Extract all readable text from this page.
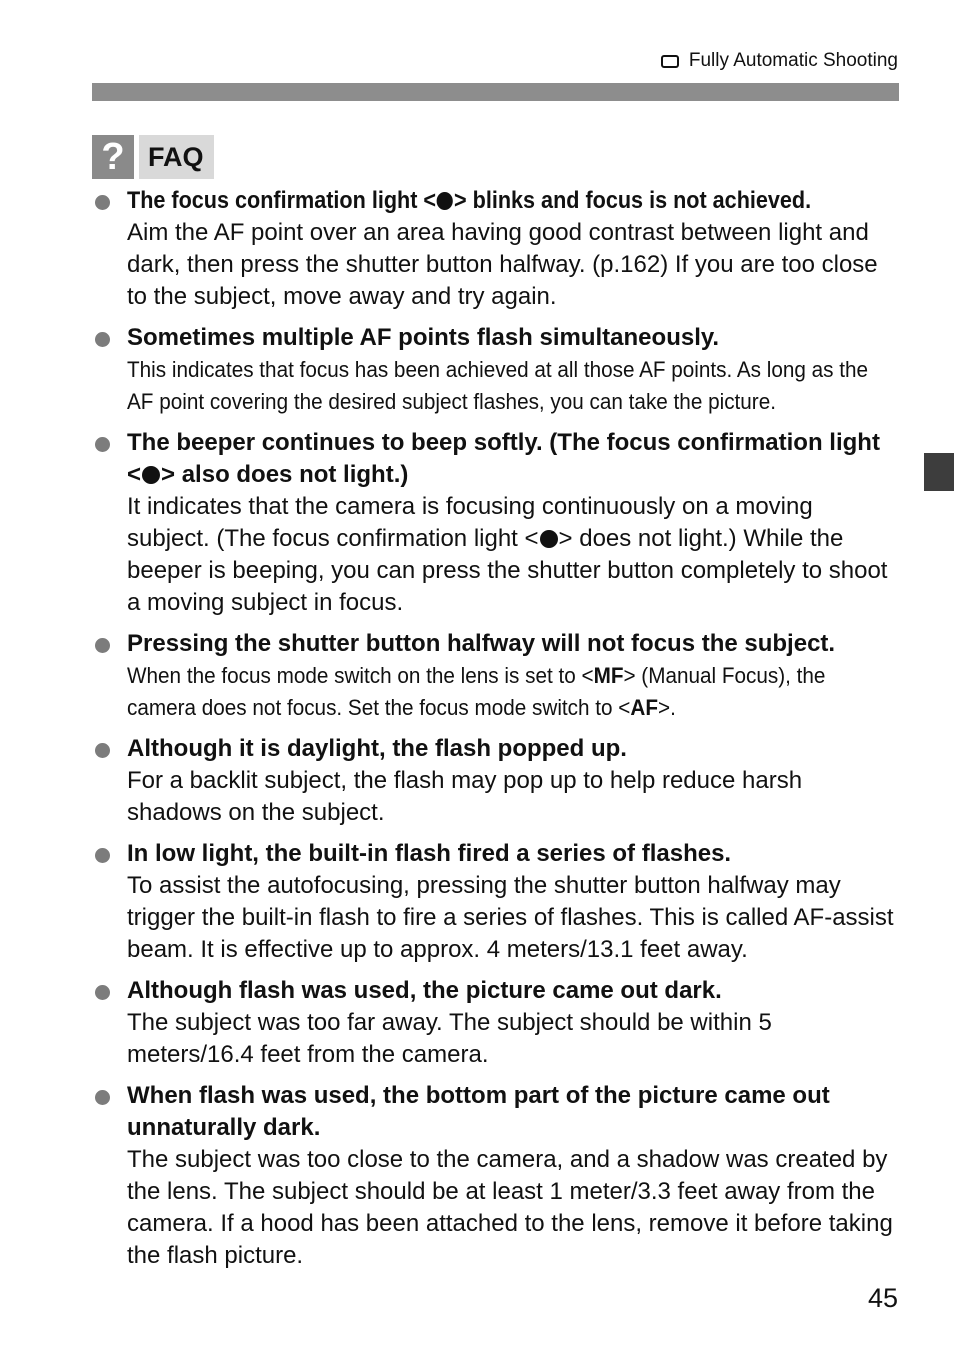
Fully Automatic Shooting
? FAQ

The focus confirmation light < > blinks and focus is not achieved.

Aim the AF point over an area having good contrast between light and dark, then press the shutter button halfway. (p.162) If you are too close to the subject, move away and try again.

Sometimes multiple AF points flash simultaneously.

This indicates that focus has been achieved at all those AF points. As long as the AF point covering the desired subject flashes, you can take the picture.

The beeper continues to beep softly. (The focus confirmation light < > also does not light.)

It indicates that the camera is focusing continuously on a moving subject. (The focus confirmation light < > does not light.) While the beeper is beeping, you can press the shutter button completely to shoot a moving subject in focus.

Pressing the shutter button halfway will not focus the subject.

When the focus mode switch on the lens is set to <MF> (Manual Focus), the camera does not focus. Set the focus mode switch to <AF>.

Although it is daylight, the flash popped up.

For a backlit subject, the flash may pop up to help reduce harsh shadows on the subject.

In low light, the built-in flash fired a series of flashes.

To assist the autofocusing, pressing the shutter button halfway may trigger the built-in flash to fire a series of flashes. This is called AF-assist beam. It is effective up to approx. 4 meters/13.1 feet away.

Although flash was used, the picture came out dark.

The subject was too far away. The subject should be within 5 meters/16.4 feet from the camera.

When flash was used, the bottom part of the picture came out unnaturally dark.

The subject was too close to the camera, and a shadow was created by the lens. The subject should be at least 1 meter/3.3 feet away from the camera. If a hood has been attached to the lens, remove it before taking the flash picture.

45
